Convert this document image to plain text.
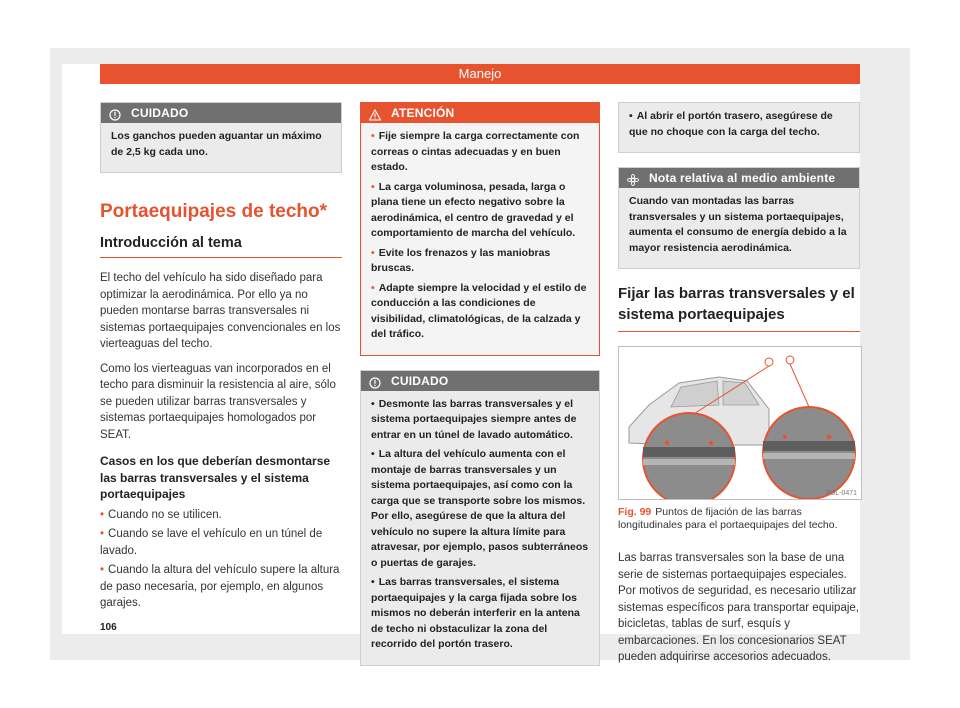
Manejo
CUIDADO

Los ganchos pueden aguantar un máximo de 2,5 kg cada uno.

Portaequipajes de techo*
Introducción al tema

El techo del vehículo ha sido diseñado para optimizar la aerodinámica. Por ello ya no pueden montarse barras transversales ni sistemas portaequipajes convencionales en los vierteaguas del techo.

Como los vierteaguas van incorporados en el techo para disminuir la resistencia al aire, sólo se pueden utilizar barras transversales y sistemas portaequipajes homologados por SEAT.

Casos en los que deberían desmontarse las barras transversales y el sistema portaequipajes
• Cuando no se utilicen.
• Cuando se lave el vehículo en un túnel de lavado.
• Cuando la altura del vehículo supere la altura de paso necesaria, por ejemplo, en algunos garajes.
ATENCIÓN

• Fije siempre la carga correctamente con correas o cintas adecuadas y en buen estado.

• La carga voluminosa, pesada, larga o plana tiene un efecto negativo sobre la aerodinámica, el centro de gravedad y el comportamiento de marcha del vehículo.

• Evite los frenazos y las maniobras bruscas.

• Adapte siempre la velocidad y el estilo de conducción a las condiciones de visibilidad, climatológicas, de la calzada y del tráfico.

CUIDADO

• Desmonte las barras transversales y el sistema portaequipajes siempre antes de entrar en un túnel de lavado automático.

• La altura del vehículo aumenta con el montaje de barras transversales y un sistema portaequipajes, así como con la carga que se transporte sobre los mismos. Por ello, asegúrese de que la altura del vehículo no supere la altura límite para atravesar, por ejemplo, pasos subterráneos o puertas de garajes.

• Las barras transversales, el sistema portaequipajes y la carga fijada sobre los mismos no deberán interferir en la antena de techo ni obstaculizar la zona del recorrido del portón trasero.

• Al abrir el portón trasero, asegúrese de que no choque con la carga del techo.

Nota relativa al medio ambiente

Cuando van montadas las barras transversales y un sistema portaequipajes, aumenta el consumo de energía debido a la mayor resistencia aerodinámica.

Fijar las barras transversales y el sistema portaequipajes
B5L-0471
Fig. 99 Puntos de fijación de las barras longitudinales para el portaequipajes del techo.

Las barras transversales son la base de una serie de sistemas portaequipajes especiales. Por motivos de seguridad, es necesario utilizar sistemas específicos para transportar equipaje, bicicletas, tablas de surf, esquís y embarcaciones. En los concesionarios SEAT pueden adquirirse accesorios adecuados.

106
